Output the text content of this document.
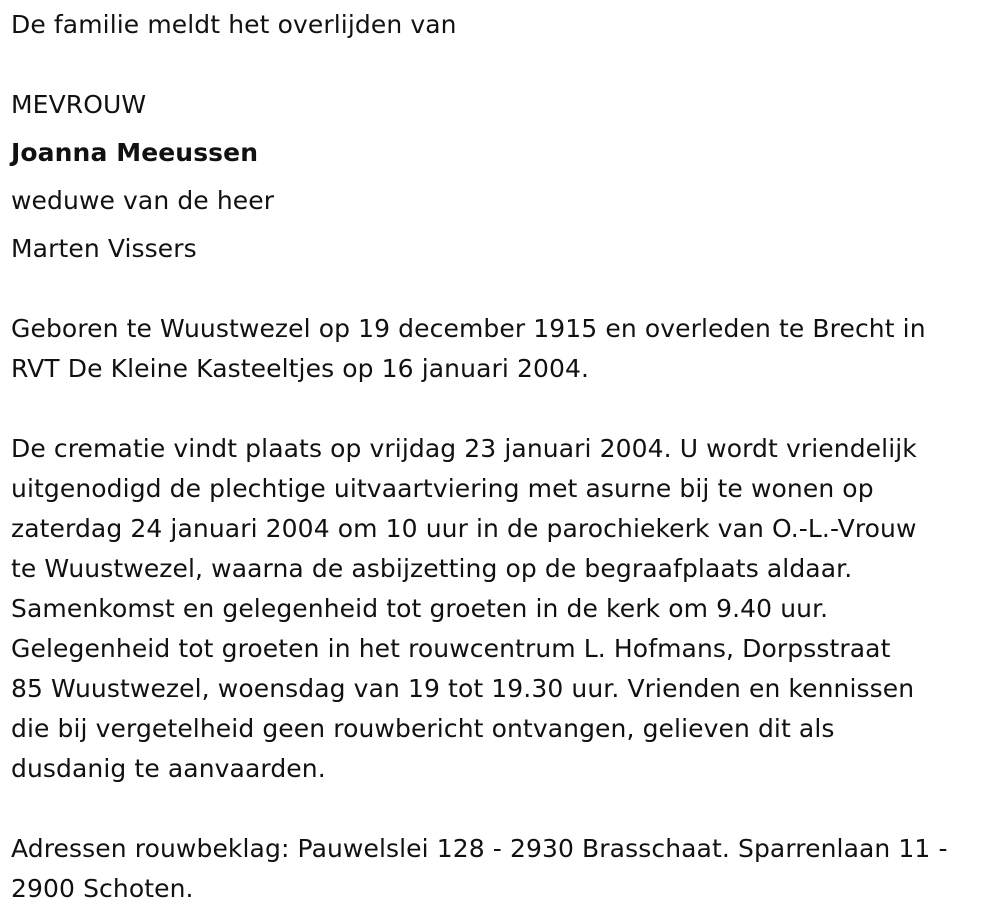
De familie meldt het overlijden van
MEVROUW
Joanna Meeussen
weduwe van de heer
Marten Vissers
Geboren te Wuustwezel op 19 december 1915 en overleden te Brecht in
RVT De Kleine Kasteeltjes op 16 januari 2004.
De crematie vindt plaats op vrijdag 23 januari 2004. U wordt vriendelijk
uitgenodigd de plechtige uitvaartviering met asurne bij te wonen op
zaterdag 24 januari 2004 om 10 uur in de parochiekerk van O.-L.-Vrouw
te Wuustwezel, waarna de asbijzetting op de begraafplaats aldaar.
Samenkomst en gelegenheid tot groeten in de kerk om 9.40 uur.
Gelegenheid tot groeten in het rouwcentrum L. Hofmans, Dorpsstraat
85 Wuustwezel, woensdag van 19 tot 19.30 uur. Vrienden en kennissen
die bij vergetelheid geen rouwbericht ontvangen, gelieven dit als
dusdanig te aanvaarden.
Adressen rouwbeklag: Pauwelslei 128 - 2930 Brasschaat. Sparrenlaan 11 -
2900 Schoten.
